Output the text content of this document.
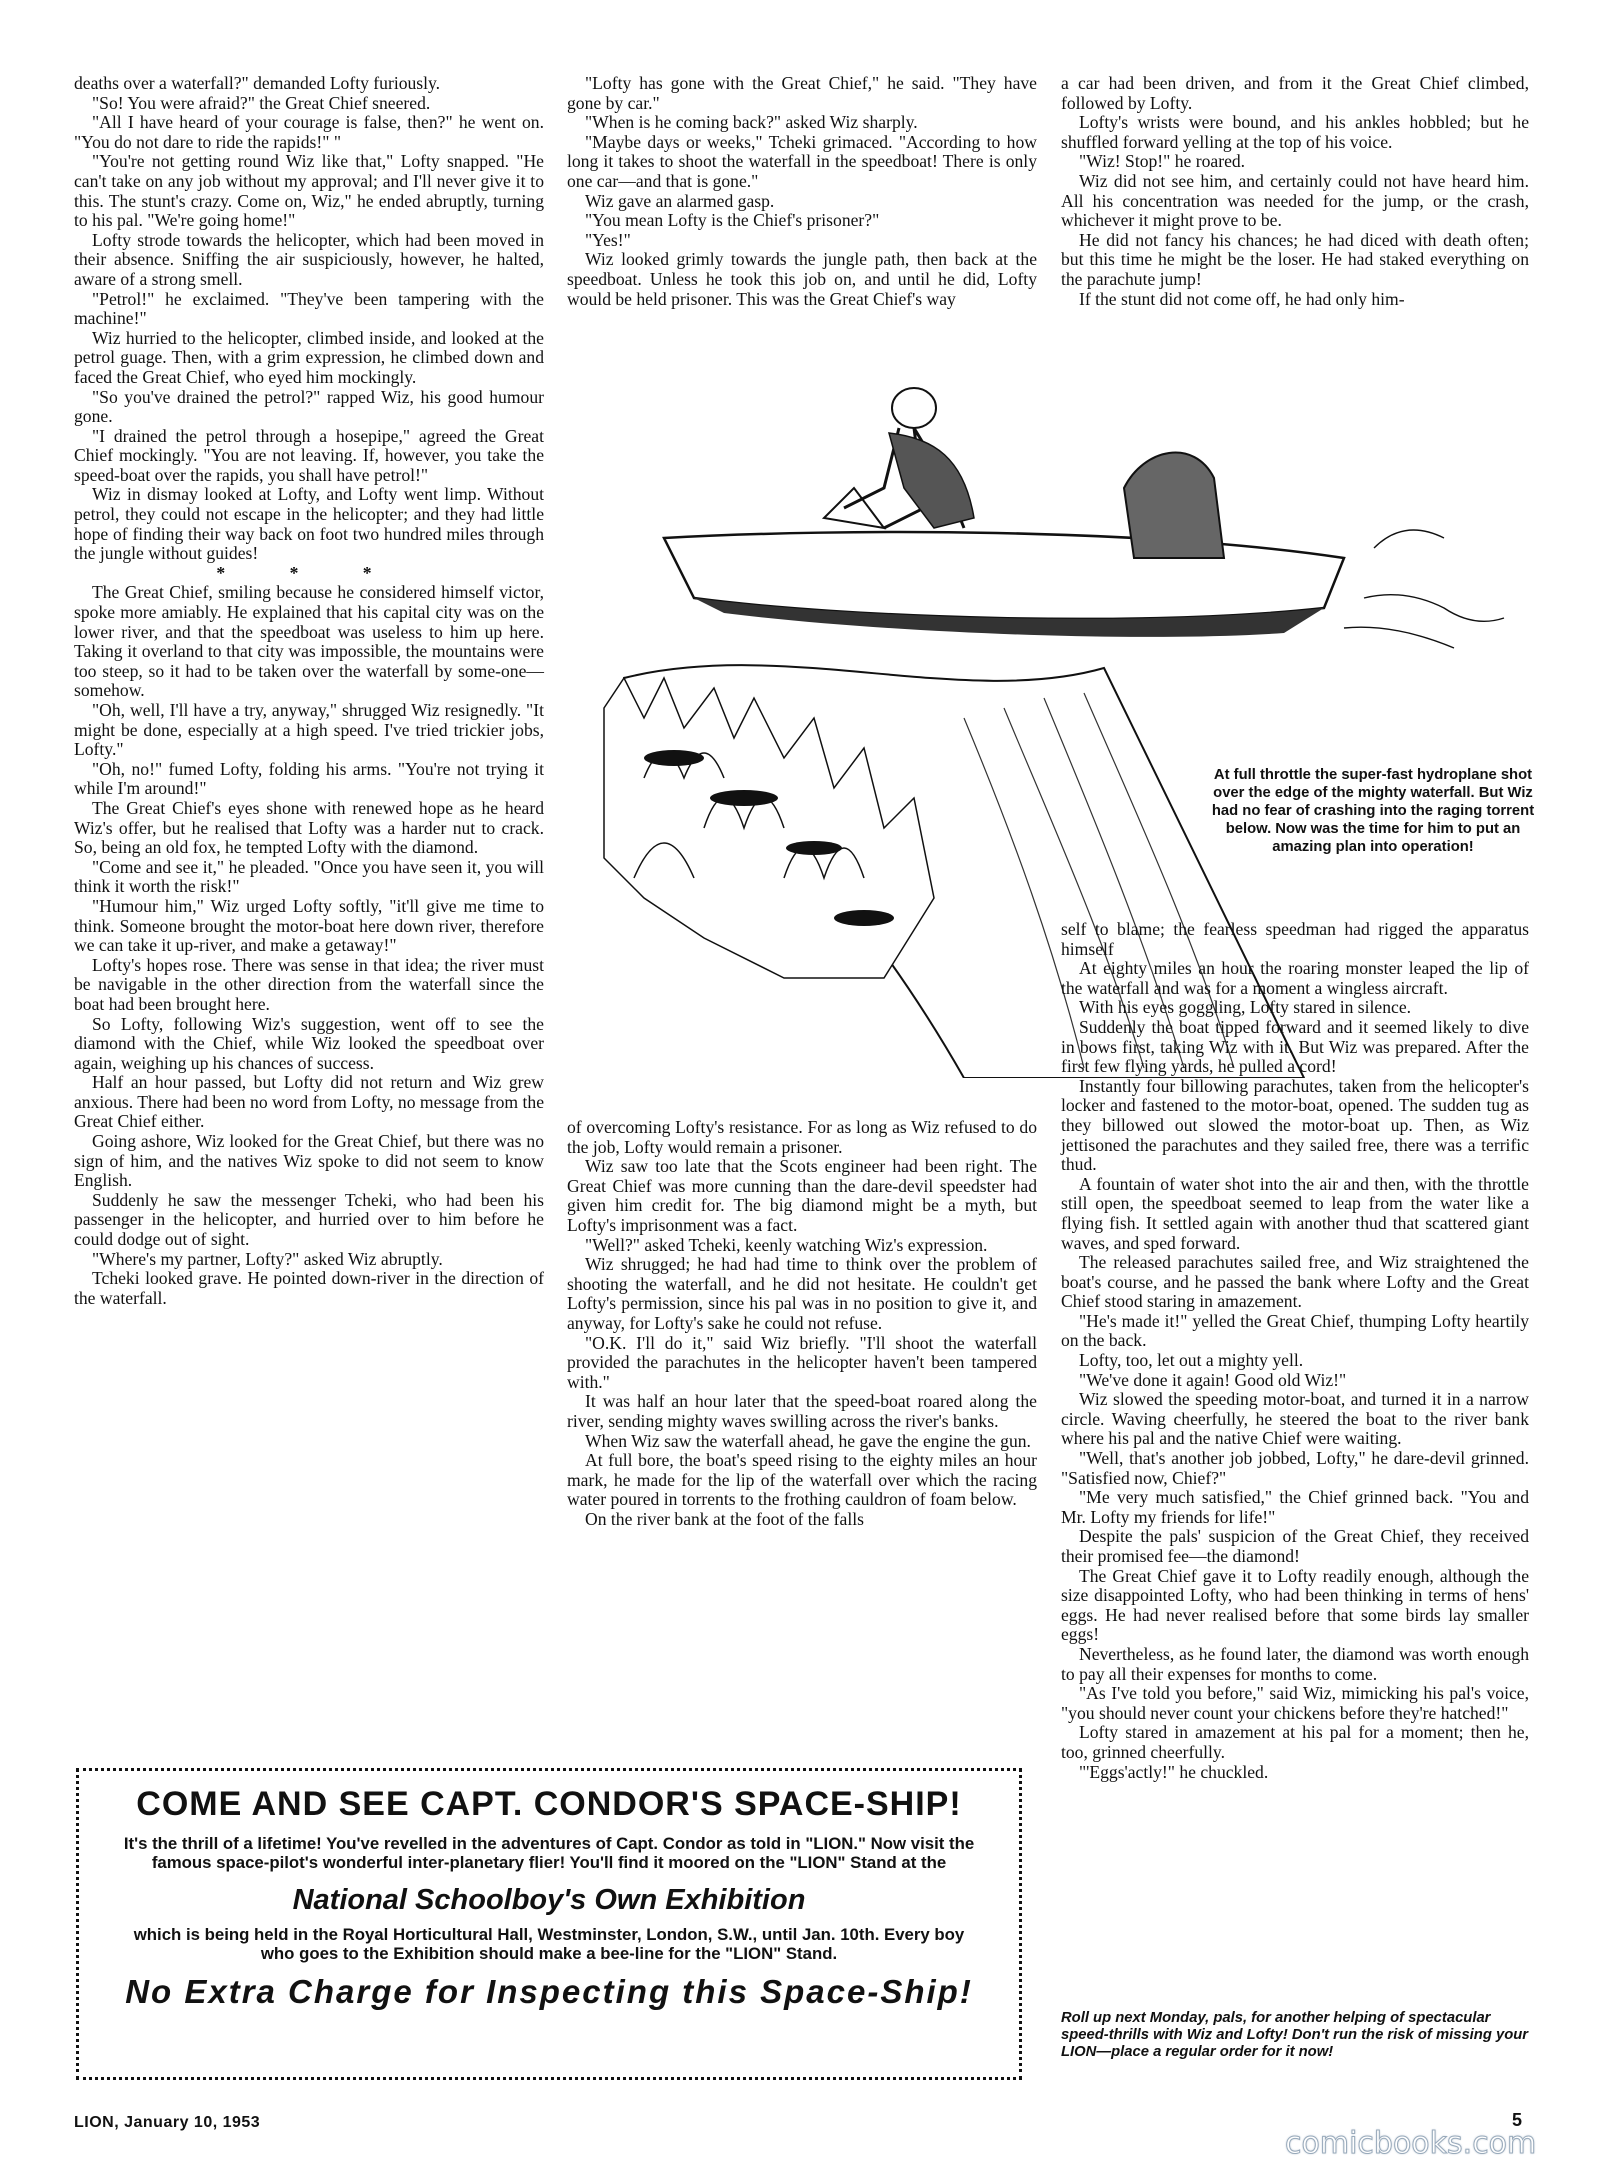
deaths over a waterfall?" demanded Lofty furiously.

"So! You were afraid?" the Great Chief sneered.

"All I have heard of your courage is false, then?" he went on. "You do not dare to ride the rapids!" "

"You're not getting round Wiz like that," Lofty snapped. "He can't take on any job without my approval; and I'll never give it to this. The stunt's crazy. Come on, Wiz," he ended abruptly, turning to his pal. "We're going home!"

Lofty strode towards the helicopter, which had been moved in their absence. Sniffing the air suspiciously, however, he halted, aware of a strong smell.

"Petrol!" he exclaimed. "They've been tampering with the machine!"

Wiz hurried to the helicopter, climbed inside, and looked at the petrol guage. Then, with a grim expression, he climbed down and faced the Great Chief, who eyed him mockingly.

"So you've drained the petrol?" rapped Wiz, his good humour gone.

"I drained the petrol through a hosepipe," agreed the Great Chief mockingly. "You are not leaving. If, however, you take the speed-boat over the rapids, you shall have petrol!"

Wiz in dismay looked at Lofty, and Lofty went limp. Without petrol, they could not escape in the helicopter; and they had little hope of finding their way back on foot two hundred miles through the jungle without guides!

* * *

The Great Chief, smiling because he considered himself victor, spoke more amiably. He explained that his capital city was on the lower river, and that the speedboat was useless to him up here. Taking it overland to that city was impossible, the mountains were too steep, so it had to be taken over the waterfall by some-one—somehow.

"Oh, well, I'll have a try, anyway," shrugged Wiz resignedly. "It might be done, especially at a high speed. I've tried trickier jobs, Lofty."

"Oh, no!" fumed Lofty, folding his arms. "You're not trying it while I'm around!"

The Great Chief's eyes shone with renewed hope as he heard Wiz's offer, but he realised that Lofty was a harder nut to crack. So, being an old fox, he tempted Lofty with the diamond.

"Come and see it," he pleaded. "Once you have seen it, you will think it worth the risk!"

"Humour him," Wiz urged Lofty softly, "it'll give me time to think. Someone brought the motor-boat here down river, therefore we can take it up-river, and make a getaway!"

Lofty's hopes rose. There was sense in that idea; the river must be navigable in the other direction from the waterfall since the boat had been brought here.

So Lofty, following Wiz's suggestion, went off to see the diamond with the Chief, while Wiz looked the speedboat over again, weighing up his chances of success.

Half an hour passed, but Lofty did not return and Wiz grew anxious. There had been no word from Lofty, no message from the Great Chief either.

Going ashore, Wiz looked for the Great Chief, but there was no sign of him, and the natives Wiz spoke to did not seem to know English.

Suddenly he saw the messenger Tcheki, who had been his passenger in the helicopter, and hurried over to him before he could dodge out of sight.

"Where's my partner, Lofty?" asked Wiz abruptly.

Tcheki looked grave. He pointed down-river in the direction of the waterfall.

"Lofty has gone with the Great Chief," he said. "They have gone by car."

"When is he coming back?" asked Wiz sharply.

"Maybe days or weeks," Tcheki grimaced. "According to how long it takes to shoot the waterfall in the speedboat! There is only one car—and that is gone."

Wiz gave an alarmed gasp.

"You mean Lofty is the Chief's prisoner?"

"Yes!"

Wiz looked grimly towards the jungle path, then back at the speedboat. Unless he took this job on, and until he did, Lofty would be held prisoner. This was the Great Chief's way

a car had been driven, and from it the Great Chief climbed, followed by Lofty.

Lofty's wrists were bound, and his ankles hobbled; but he shuffled forward yelling at the top of his voice.

"Wiz! Stop!" he roared.

Wiz did not see him, and certainly could not have heard him. All his concentration was needed for the jump, or the crash, whichever it might prove to be.

He did not fancy his chances; he had diced with death often; but this time he might be the loser. He had staked everything on the parachute jump!

If the stunt did not come off, he had only him-

At full throttle the super-fast hydroplane shot over the edge of the mighty waterfall. But Wiz had no fear of crashing into the raging torrent below. Now was the time for him to put an amazing plan into operation!

of overcoming Lofty's resistance. For as long as Wiz refused to do the job, Lofty would remain a prisoner.

Wiz saw too late that the Scots engineer had been right. The Great Chief was more cunning than the dare-devil speedster had given him credit for. The big diamond might be a myth, but Lofty's imprisonment was a fact.

"Well?" asked Tcheki, keenly watching Wiz's expression.

Wiz shrugged; he had had time to think over the problem of shooting the waterfall, and he did not hesitate. He couldn't get Lofty's permission, since his pal was in no position to give it, and anyway, for Lofty's sake he could not refuse.

"O.K. I'll do it," said Wiz briefly. "I'll shoot the waterfall provided the parachutes in the helicopter haven't been tampered with."

It was half an hour later that the speed-boat roared along the river, sending mighty waves swilling across the river's banks.

When Wiz saw the waterfall ahead, he gave the engine the gun.

At full bore, the boat's speed rising to the eighty miles an hour mark, he made for the lip of the waterfall over which the racing water poured in torrents to the frothing cauldron of foam below.

On the river bank at the foot of the falls

self to blame; the fearless speedman had rigged the apparatus himself

At eighty miles an hour the roaring monster leaped the lip of the waterfall and was for a moment a wingless aircraft.

With his eyes goggling, Lofty stared in silence.

Suddenly the boat tipped forward and it seemed likely to dive in bows first, taking Wiz with it. But Wiz was prepared. After the first few flying yards, he pulled a cord!

Instantly four billowing parachutes, taken from the helicopter's locker and fastened to the motor-boat, opened. The sudden tug as they billowed out slowed the motor-boat up. Then, as Wiz jettisoned the parachutes and they sailed free, there was a terrific thud.

A fountain of water shot into the air and then, with the throttle still open, the speedboat seemed to leap from the water like a flying fish. It settled again with another thud that scattered giant waves, and sped forward.

The released parachutes sailed free, and Wiz straightened the boat's course, and he passed the bank where Lofty and the Great Chief stood staring in amazement.

"He's made it!" yelled the Great Chief, thumping Lofty heartily on the back.

Lofty, too, let out a mighty yell.

"We've done it again! Good old Wiz!"

Wiz slowed the speeding motor-boat, and turned it in a narrow circle. Waving cheerfully, he steered the boat to the river bank where his pal and the native Chief were waiting.

"Well, that's another job jobbed, Lofty," he dare-devil grinned. "Satisfied now, Chief?"

"Me very much satisfied," the Chief grinned back. "You and Mr. Lofty my friends for life!"

Despite the pals' suspicion of the Great Chief, they received their promised fee—the diamond!

The Great Chief gave it to Lofty readily enough, although the size disappointed Lofty, who had been thinking in terms of hens' eggs. He had never realised before that some birds lay smaller eggs!

Nevertheless, as he found later, the diamond was worth enough to pay all their expenses for months to come.

"As I've told you before," said Wiz, mimicking his pal's voice, "you should never count your chickens before they're hatched!"

Lofty stared in amazement at his pal for a moment; then he, too, grinned cheerfully.

"'Eggs'actly!" he chuckled.

Roll up next Monday, pals, for another helping of spectacular speed-thrills with Wiz and Lofty! Don't run the risk of missing your LION—place a regular order for it now!
COME AND SEE CAPT. CONDOR'S SPACE-SHIP!
It's the thrill of a lifetime! You've revelled in the adventures of Capt. Condor as told in "LION." Now visit the famous space-pilot's wonderful inter-planetary flier! You'll find it moored on the "LION" Stand at the
National Schoolboy's Own Exhibition
which is being held in the Royal Horticultural Hall, Westminster, London, S.W., until Jan. 10th. Every boy who goes to the Exhibition should make a bee-line for the "LION" Stand.
No Extra Charge for Inspecting this Space-Ship!
LION, January 10, 1953	5
comicbooks.com
